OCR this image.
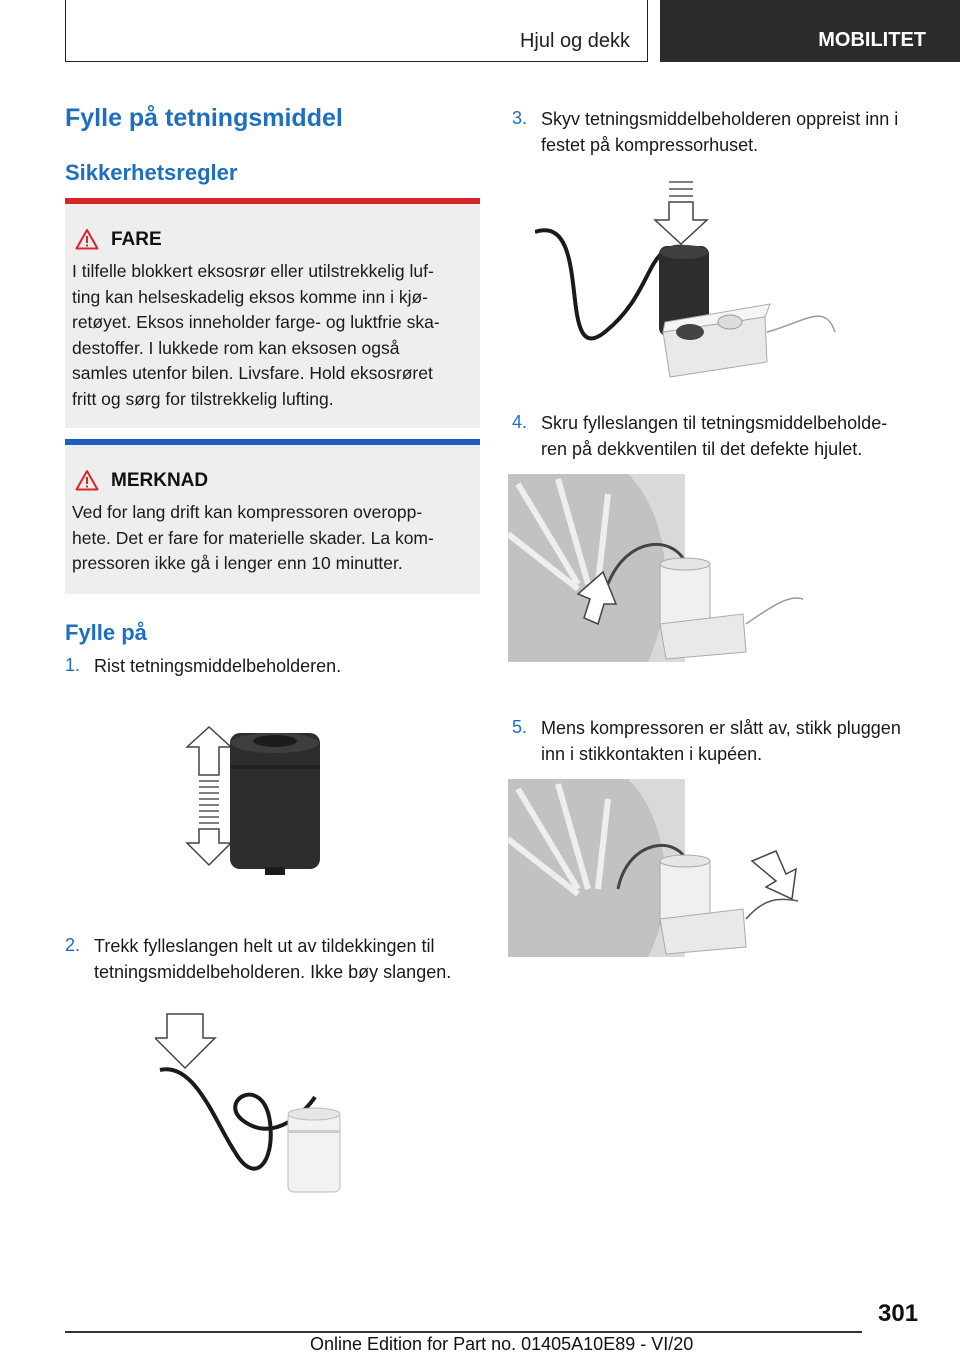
Hjul og dekk	MOBILITET
Fylle på tetningsmiddel
Sikkerhetsregler
FARE
I tilfelle blokkert eksosrør eller utilstrekkelig luf-
ting kan helseskadelig eksos komme inn i kjø-
retøyet. Eksos inneholder farge- og luktfrie ska-
destoffer. I lukkede rom kan eksosen også
samles utenfor bilen. Livsfare. Hold eksosrøret
fritt og sørg for tilstrekkelig lufting.
MERKNAD
Ved for lang drift kan kompressoren overopp-
hete. Det er fare for materielle skader. La kom-
pressoren ikke gå i lenger enn 10 minutter.
Fylle på
1. Rist tetningsmiddelbeholderen.
2. Trekk fylleslangen helt ut av tildekkingen til
tetningsmiddelbeholderen. Ikke bøy slangen.
3. Skyv tetningsmiddelbeholderen oppreist inn i
festet på kompressorhuset.
4. Skru fylleslangen til tetningsmiddelbeholde-
ren på dekkventilen til det defekte hjulet.
5. Mens kompressoren er slått av, stikk pluggen
inn i stikkontakten i kupéen.
301
Online Edition for Part no. 01405A10E89 - VI/20
